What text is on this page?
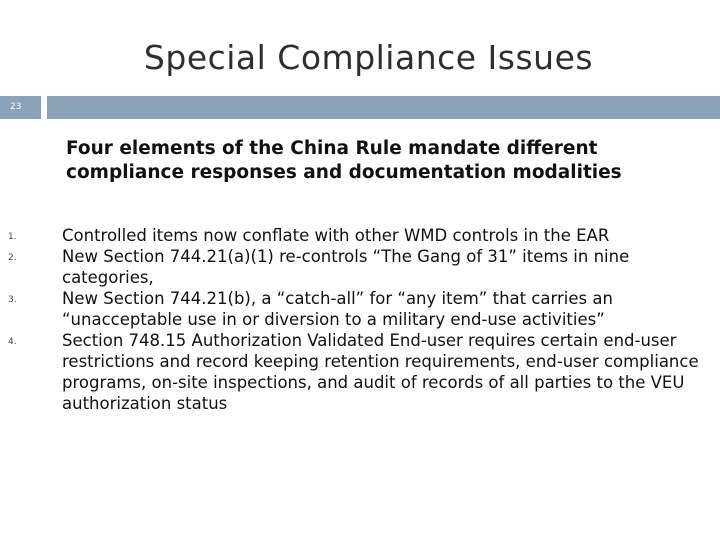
Special Compliance Issues
23
Four elements of the China Rule mandate different
compliance responses and documentation modalities
1.	Controlled items now conflate with other WMD controls in the EAR
2.	New Section 744.21(a)(1) re-controls “The Gang of 31” items in nine categories,
3.	New Section 744.21(b), a “catch-all” for “any item” that carries an “unacceptable use in or diversion to a military end-use activities”
4.	Section 748.15 Authorization Validated End-user requires certain end-user restrictions and record keeping retention requirements, end-user compliance programs, on-site inspections, and audit of records of all parties to the VEU authorization status
